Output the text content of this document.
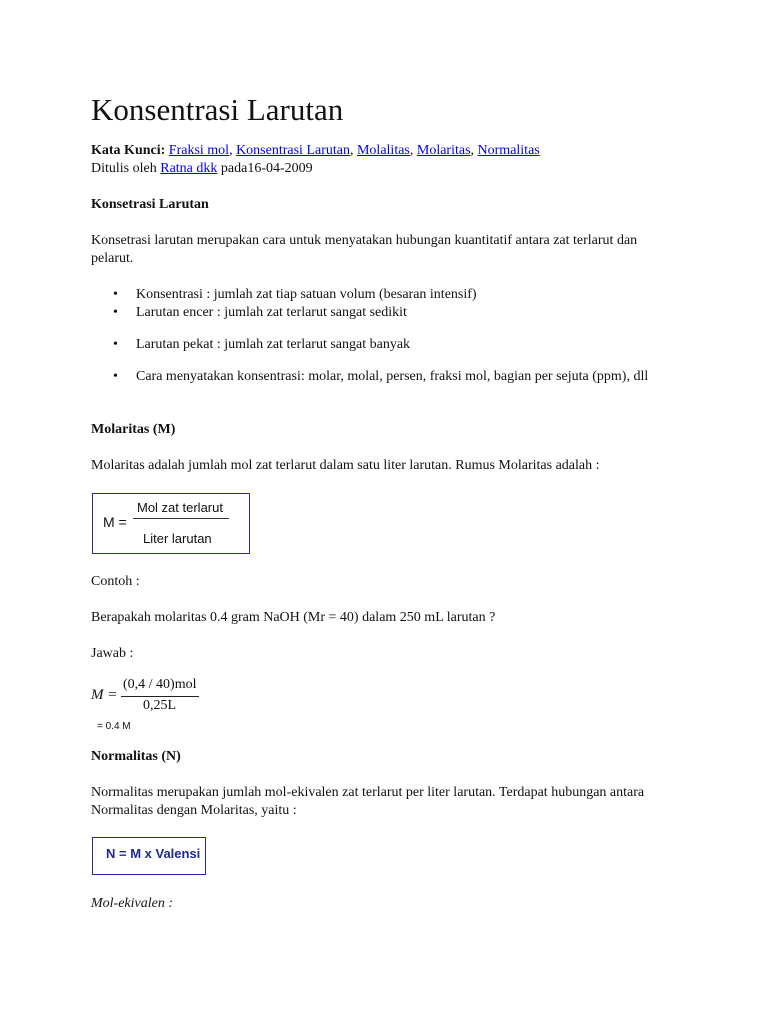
Konsentrasi Larutan
Kata Kunci: Fraksi mol, Konsentrasi Larutan, Molalitas, Molaritas, Normalitas
Ditulis oleh Ratna dkk pada16-04-2009
Konsetrasi Larutan
Konsetrasi larutan merupakan cara untuk menyatakan hubungan kuantitatif antara zat terlarut dan pelarut.
• Konsentrasi : jumlah zat tiap satuan volum (besaran intensif)
• Larutan encer : jumlah zat terlarut sangat sedikit
• Larutan pekat : jumlah zat terlarut sangat banyak
• Cara menyatakan konsentrasi: molar, molal, persen, fraksi mol, bagian per sejuta (ppm), dll
Molaritas (M)
Molaritas adalah jumlah mol zat terlarut dalam satu liter larutan. Rumus Molaritas adalah :
M =
Mol zat terlarut
Liter larutan
Contoh :
Berapakah molaritas 0.4 gram NaOH (Mr = 40) dalam 250 mL larutan ?
Jawab :
M =
(0,4 / 40)mol
0,25L
= 0.4 M
Normalitas (N)
Normalitas merupakan jumlah mol-ekivalen zat terlarut per liter larutan. Terdapat hubungan antara Normalitas dengan Molaritas, yaitu :
N = M x Valensi
Mol-ekivalen :
